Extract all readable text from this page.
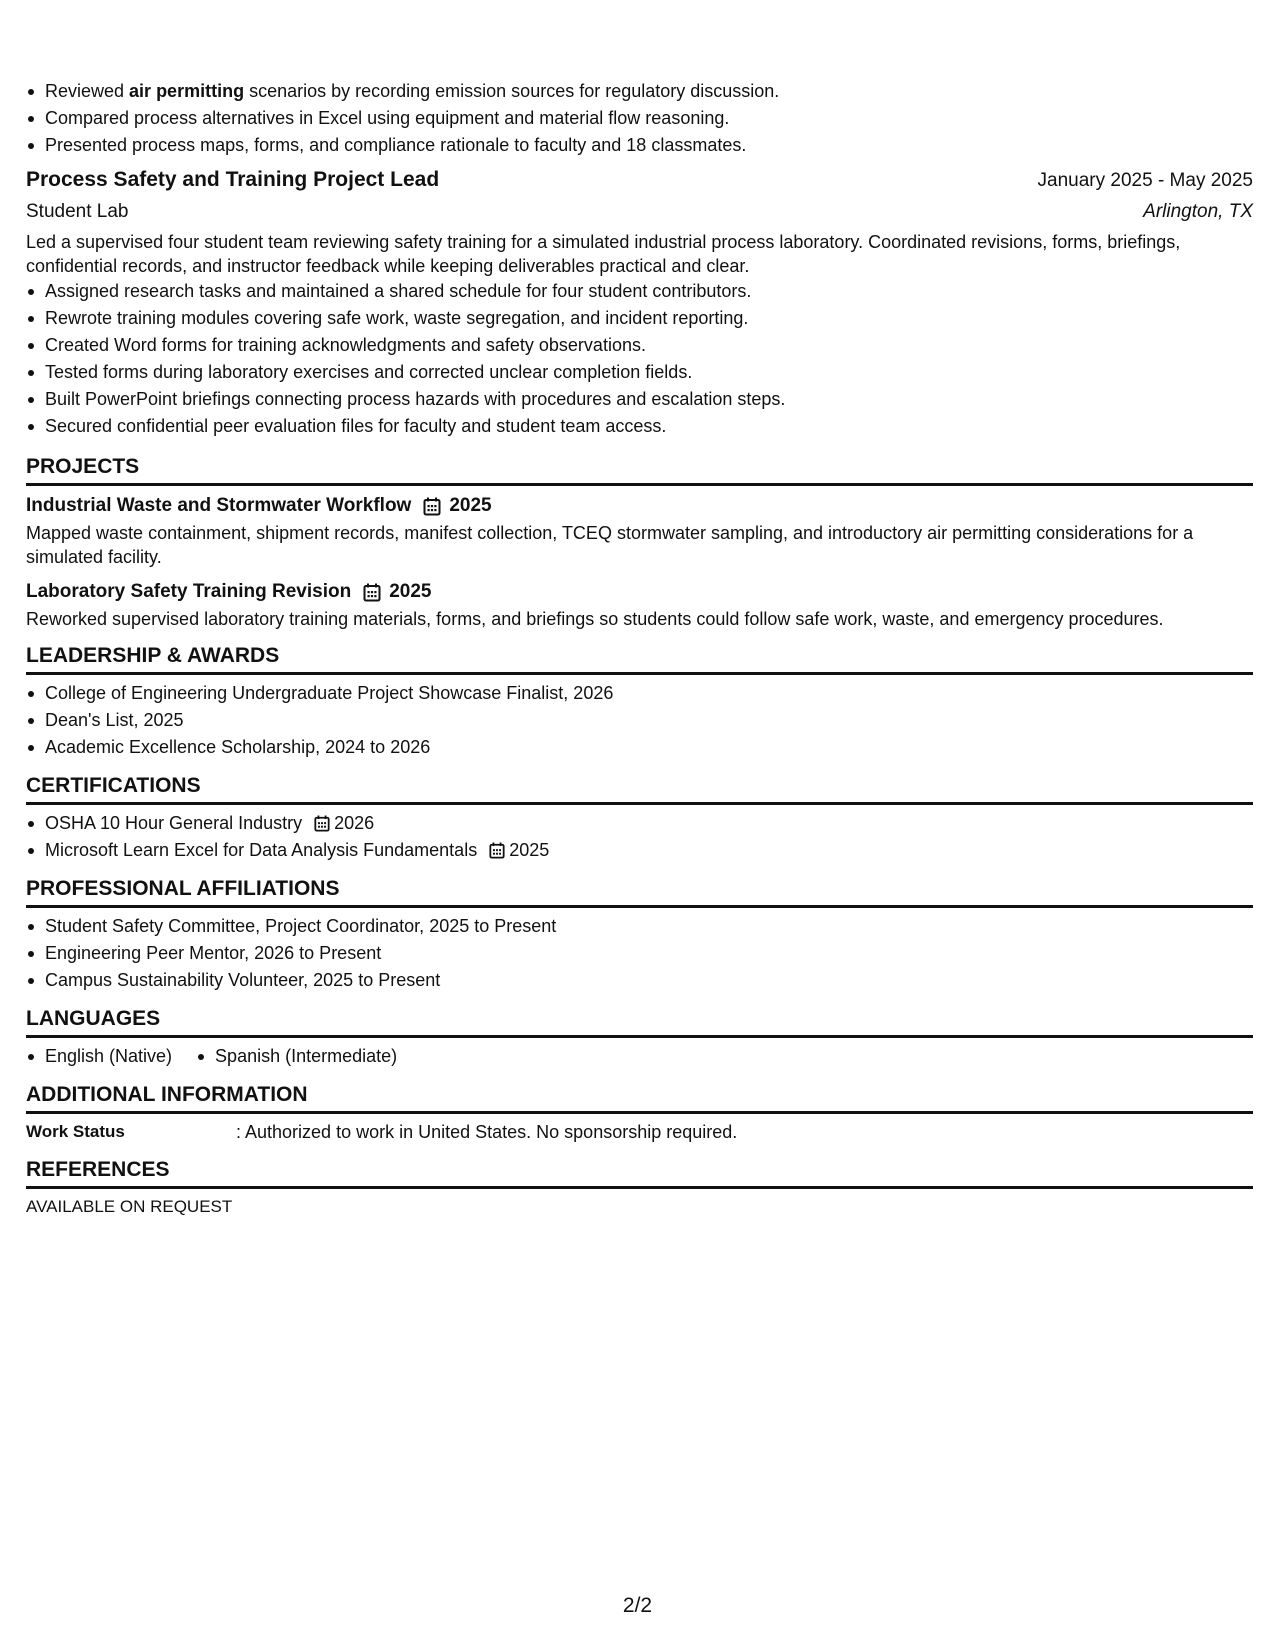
Reviewed air permitting scenarios by recording emission sources for regulatory discussion.
Compared process alternatives in Excel using equipment and material flow reasoning.
Presented process maps, forms, and compliance rationale to faculty and 18 classmates.
Process Safety and Training Project Lead	January 2025 - May 2025
Student Lab	Arlington, TX
Led a supervised four student team reviewing safety training for a simulated industrial process laboratory. Coordinated revisions, forms, briefings, confidential records, and instructor feedback while keeping deliverables practical and clear.
Assigned research tasks and maintained a shared schedule for four student contributors.
Rewrote training modules covering safe work, waste segregation, and incident reporting.
Created Word forms for training acknowledgments and safety observations.
Tested forms during laboratory exercises and corrected unclear completion fields.
Built PowerPoint briefings connecting process hazards with procedures and escalation steps.
Secured confidential peer evaluation files for faculty and student team access.
PROJECTS
Industrial Waste and Stormwater Workflow 2025
Mapped waste containment, shipment records, manifest collection, TCEQ stormwater sampling, and introductory air permitting considerations for a simulated facility.
Laboratory Safety Training Revision 2025
Reworked supervised laboratory training materials, forms, and briefings so students could follow safe work, waste, and emergency procedures.
LEADERSHIP & AWARDS
College of Engineering Undergraduate Project Showcase Finalist, 2026
Dean's List, 2025
Academic Excellence Scholarship, 2024 to 2026
CERTIFICATIONS
OSHA 10 Hour General Industry 2026
Microsoft Learn Excel for Data Analysis Fundamentals 2025
PROFESSIONAL AFFILIATIONS
Student Safety Committee, Project Coordinator, 2025 to Present
Engineering Peer Mentor, 2026 to Present
Campus Sustainability Volunteer, 2025 to Present
LANGUAGES
English (Native)	Spanish (Intermediate)
ADDITIONAL INFORMATION
Work Status	: Authorized to work in United States. No sponsorship required.
REFERENCES
AVAILABLE ON REQUEST
2/2
